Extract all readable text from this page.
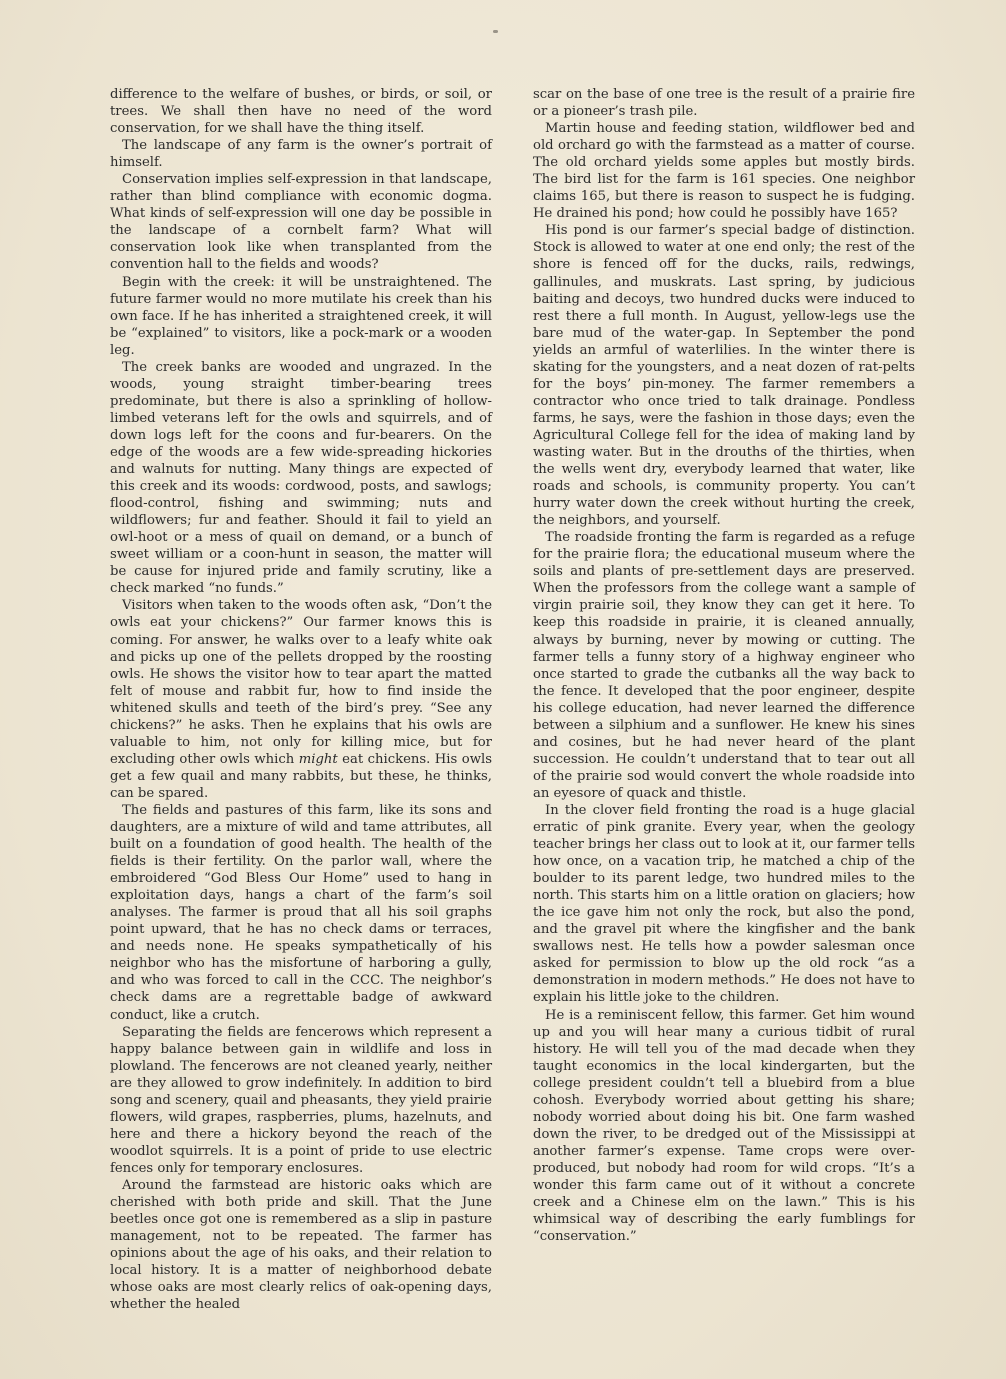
difference to the welfare of bushes, or birds, or soil, or trees. We shall then have no need of the word conservation, for we shall have the thing itself.

The landscape of any farm is the owner’s portrait of himself.

Conservation implies self-expression in that landscape, rather than blind compliance with economic dogma. What kinds of self-expression will one day be possible in the landscape of a cornbelt farm? What will conservation look like when transplanted from the convention hall to the fields and woods?

Begin with the creek: it will be unstraightened. The future farmer would no more mutilate his creek than his own face. If he has inherited a straightened creek, it will be “explained” to visitors, like a pock-mark or a wooden leg.

The creek banks are wooded and ungrazed. In the woods, young straight timber-bearing trees predominate, but there is also a sprinkling of hollow-limbed veterans left for the owls and squirrels, and of down logs left for the coons and fur-bearers. On the edge of the woods are a few wide-spreading hickories and walnuts for nutting. Many things are expected of this creek and its woods: cordwood, posts, and sawlogs; flood-control, fishing and swimming; nuts and wildflowers; fur and feather. Should it fail to yield an owl-hoot or a mess of quail on demand, or a bunch of sweet william or a coon-hunt in season, the matter will be cause for injured pride and family scrutiny, like a check marked “no funds.”

Visitors when taken to the woods often ask, “Don’t the owls eat your chickens?” Our farmer knows this is coming. For answer, he walks over to a leafy white oak and picks up one of the pellets dropped by the roosting owls. He shows the visitor how to tear apart the matted felt of mouse and rabbit fur, how to find inside the whitened skulls and teeth of the bird’s prey. “See any chickens?” he asks. Then he explains that his owls are valuable to him, not only for killing mice, but for excluding other owls which might eat chickens. His owls get a few quail and many rabbits, but these, he thinks, can be spared.

The fields and pastures of this farm, like its sons and daughters, are a mixture of wild and tame attributes, all built on a foundation of good health. The health of the fields is their fertility. On the parlor wall, where the embroidered “God Bless Our Home” used to hang in exploitation days, hangs a chart of the farm’s soil analyses. The farmer is proud that all his soil graphs point upward, that he has no check dams or terraces, and needs none. He speaks sympathetically of his neighbor who has the misfortune of harboring a gully, and who was forced to call in the CCC. The neighbor’s check dams are a regrettable badge of awkward conduct, like a crutch.

Separating the fields are fencerows which represent a happy balance between gain in wildlife and loss in plowland. The fencerows are not cleaned yearly, neither are they allowed to grow indefinitely. In addition to bird song and scenery, quail and pheasants, they yield prairie flowers, wild grapes, raspberries, plums, hazelnuts, and here and there a hickory beyond the reach of the woodlot squirrels. It is a point of pride to use electric fences only for temporary enclosures.

Around the farmstead are historic oaks which are cherished with both pride and skill. That the June beetles once got one is remembered as a slip in pasture management, not to be repeated. The farmer has opinions about the age of his oaks, and their relation to local history. It is a matter of neighborhood debate whose oaks are most clearly relics of oak-opening days, whether the healed

scar on the base of one tree is the result of a prairie fire or a pioneer’s trash pile.

Martin house and feeding station, wildflower bed and old orchard go with the farmstead as a matter of course. The old orchard yields some apples but mostly birds. The bird list for the farm is 161 species. One neighbor claims 165, but there is reason to suspect he is fudging. He drained his pond; how could he possibly have 165?

His pond is our farmer’s special badge of distinction. Stock is allowed to water at one end only; the rest of the shore is fenced off for the ducks, rails, redwings, gallinules, and muskrats. Last spring, by judicious baiting and decoys, two hundred ducks were induced to rest there a full month. In August, yellow-legs use the bare mud of the water-gap. In September the pond yields an armful of waterlilies. In the winter there is skating for the youngsters, and a neat dozen of rat-pelts for the boys’ pin-money. The farmer remembers a contractor who once tried to talk drainage. Pondless farms, he says, were the fashion in those days; even the Agricultural College fell for the idea of making land by wasting water. But in the drouths of the thirties, when the wells went dry, everybody learned that water, like roads and schools, is community property. You can’t hurry water down the creek without hurting the creek, the neighbors, and yourself.

The roadside fronting the farm is regarded as a refuge for the prairie flora; the educational museum where the soils and plants of pre-settlement days are preserved. When the professors from the college want a sample of virgin prairie soil, they know they can get it here. To keep this roadside in prairie, it is cleaned annually, always by burning, never by mowing or cutting. The farmer tells a funny story of a highway engineer who once started to grade the cutbanks all the way back to the fence. It developed that the poor engineer, despite his college education, had never learned the difference between a silphium and a sunflower. He knew his sines and cosines, but he had never heard of the plant succession. He couldn’t understand that to tear out all of the prairie sod would convert the whole roadside into an eyesore of quack and thistle.

In the clover field fronting the road is a huge glacial erratic of pink granite. Every year, when the geology teacher brings her class out to look at it, our farmer tells how once, on a vacation trip, he matched a chip of the boulder to its parent ledge, two hundred miles to the north. This starts him on a little oration on glaciers; how the ice gave him not only the rock, but also the pond, and the gravel pit where the kingfisher and the bank swallows nest. He tells how a powder salesman once asked for permission to blow up the old rock “as a demonstration in modern methods.” He does not have to explain his little joke to the children.

He is a reminiscent fellow, this farmer. Get him wound up and you will hear many a curious tidbit of rural history. He will tell you of the mad decade when they taught economics in the local kindergarten, but the college president couldn’t tell a bluebird from a blue cohosh. Everybody worried about getting his share; nobody worried about doing his bit. One farm washed down the river, to be dredged out of the Mississippi at another farmer’s expense. Tame crops were over-produced, but nobody had room for wild crops. “It’s a wonder this farm came out of it without a concrete creek and a Chinese elm on the lawn.” This is his whimsical way of describing the early fumblings for “conservation.”
